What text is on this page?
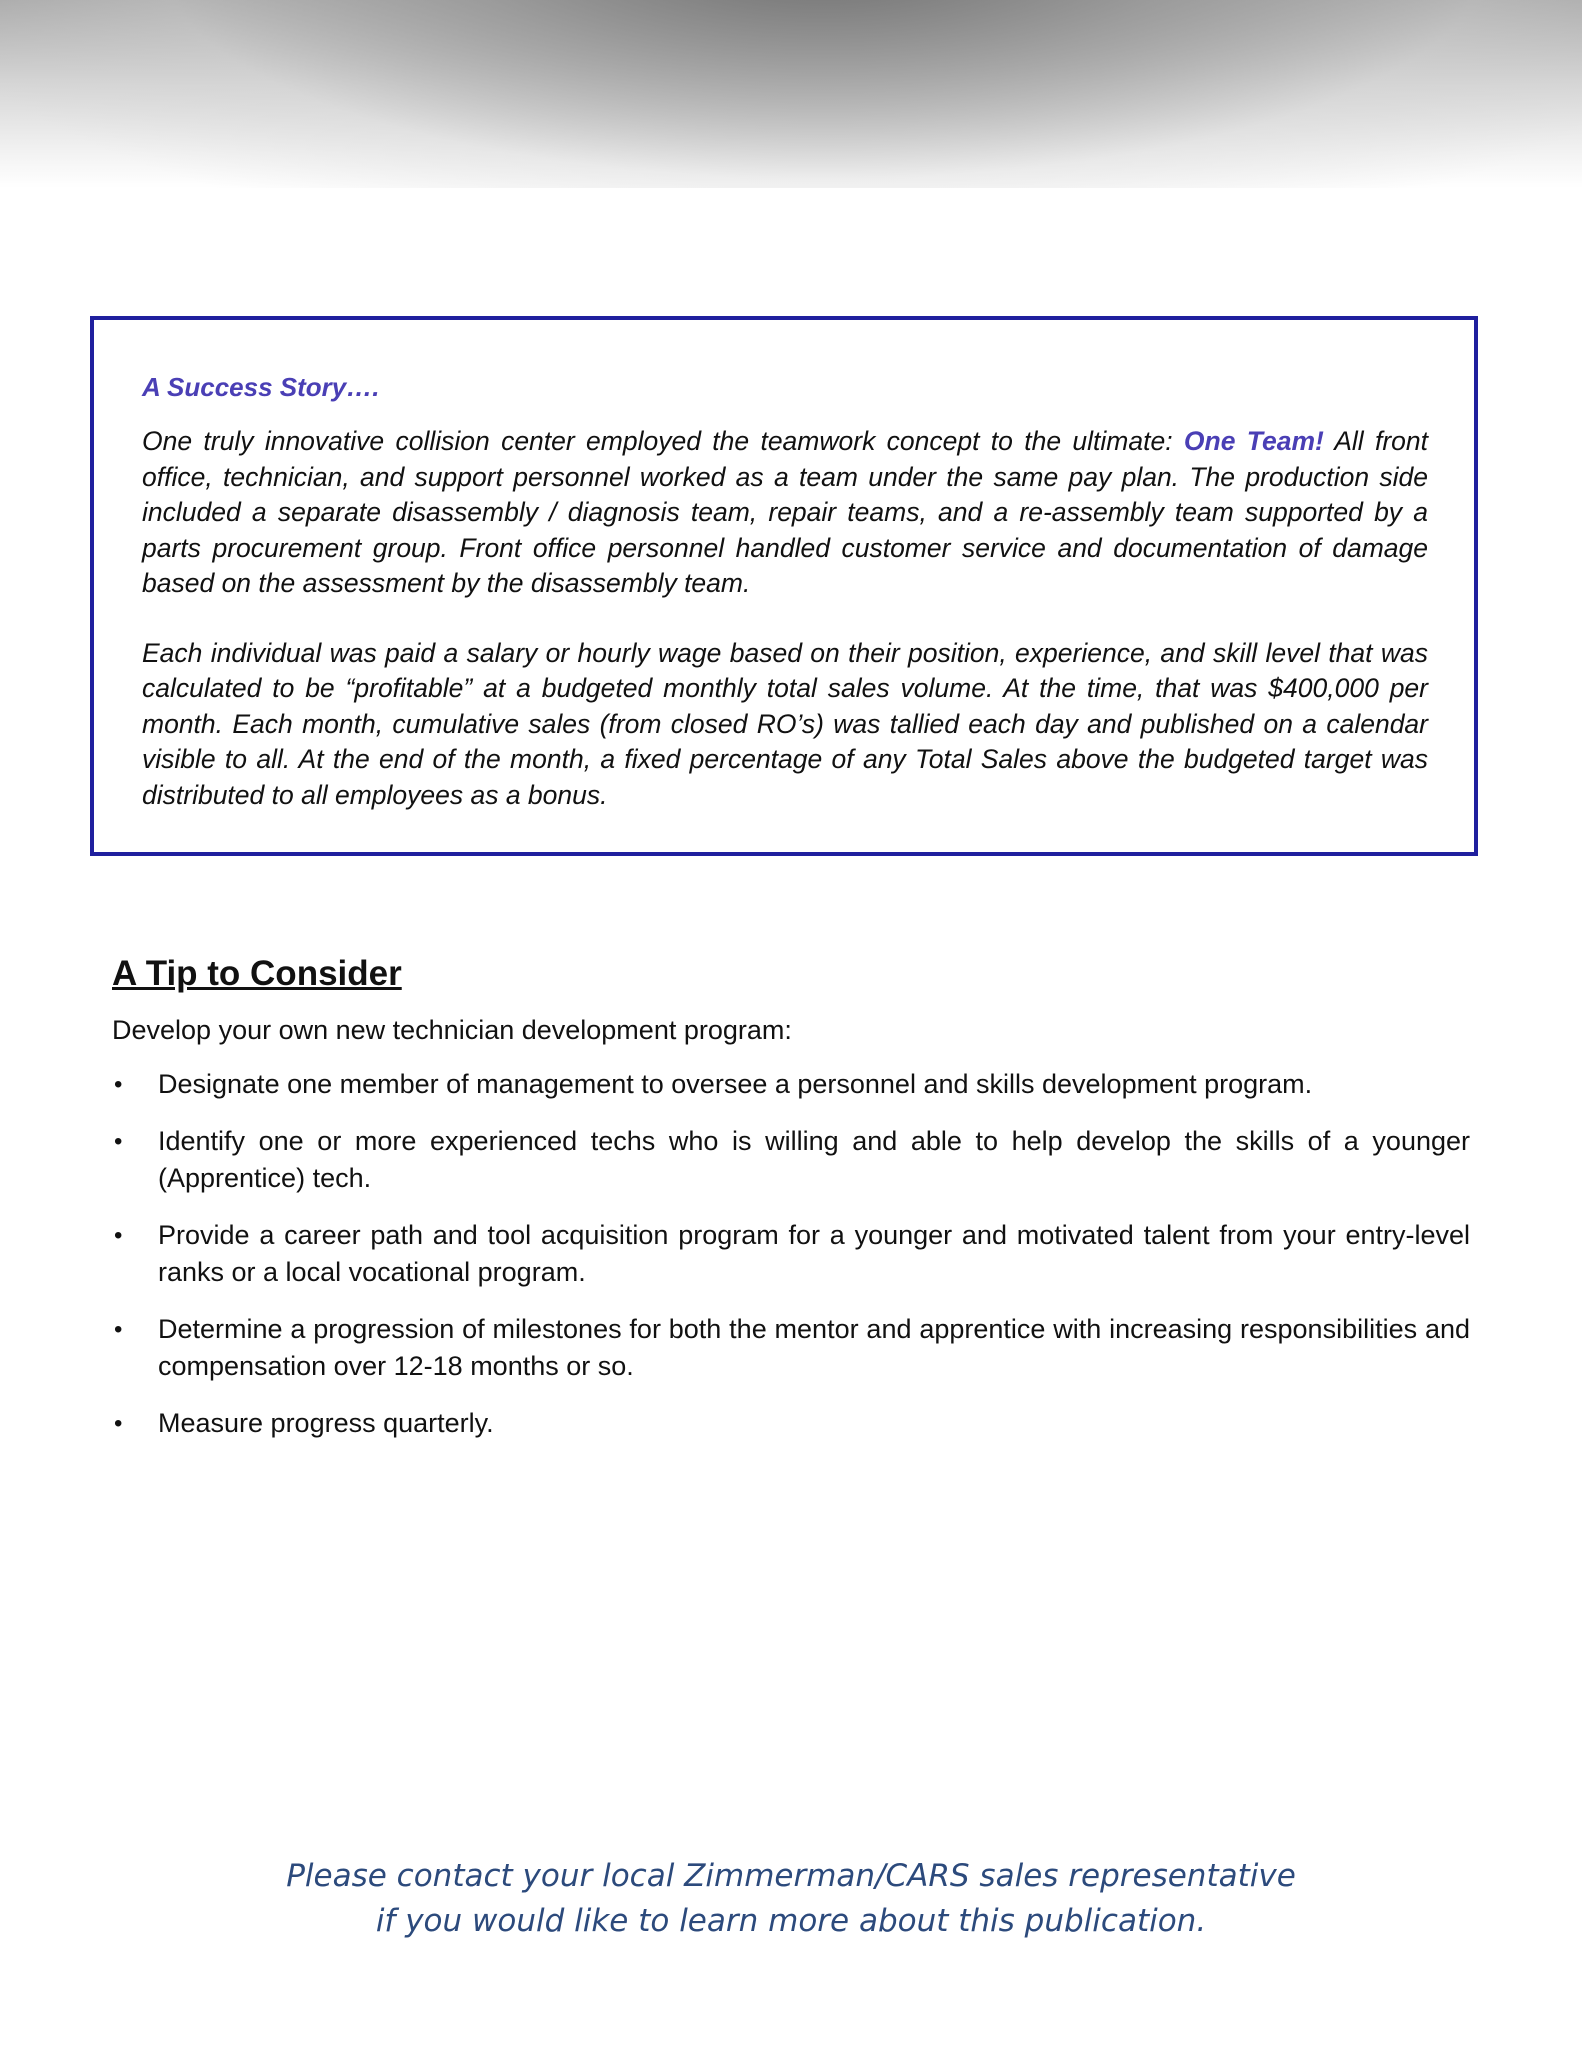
A Success Story….

One truly innovative collision center employed the teamwork concept to the ultimate: One Team! All front office, technician, and support personnel worked as a team under the same pay plan. The production side included a separate disassembly / diagnosis team, repair teams, and a re-assembly team supported by a parts procurement group. Front office personnel handled customer service and documentation of damage based on the assessment by the disassembly team.

Each individual was paid a salary or hourly wage based on their position, experience, and skill level that was calculated to be “profitable” at a budgeted monthly total sales volume. At the time, that was $400,000 per month. Each month, cumulative sales (from closed RO’s) was tallied each day and published on a calendar visible to all. At the end of the month, a fixed percentage of any Total Sales above the budgeted target was distributed to all employees as a bonus.

A Tip to Consider

Develop your own new technician development program:

• Designate one member of management to oversee a personnel and skills development program.
• Identify one or more experienced techs who is willing and able to help develop the skills of a younger (Apprentice) tech.
• Provide a career path and tool acquisition program for a younger and motivated talent from your entry-level ranks or a local vocational program.
• Determine a progression of milestones for both the mentor and apprentice with increasing responsibilities and compensation over 12-18 months or so.
• Measure progress quarterly.

Please contact your local Zimmerman/CARS sales representative

if you would like to learn more about this publication.
